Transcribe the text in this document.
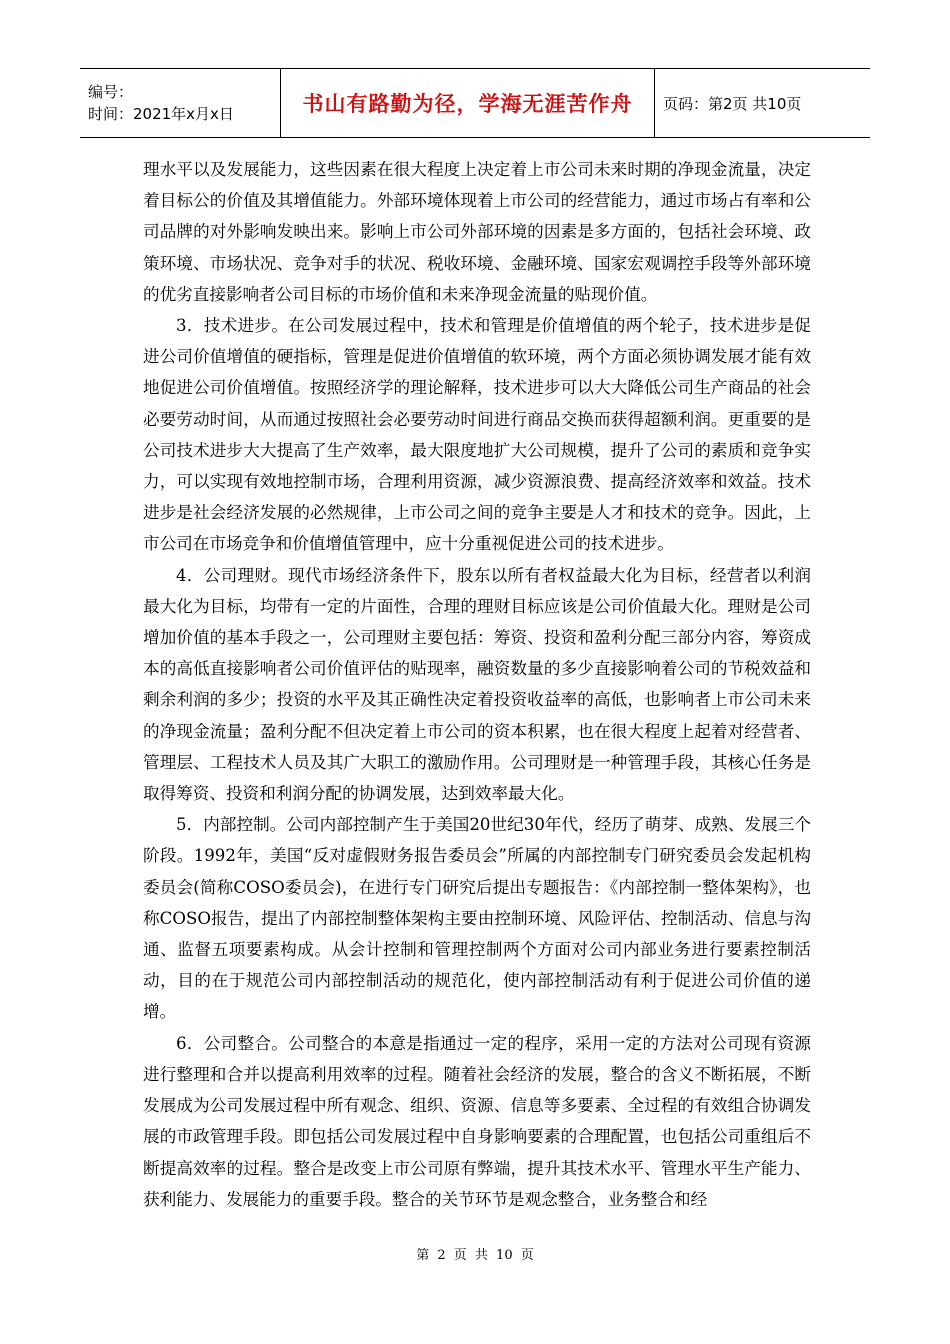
编号：
时间：2021年x月x日	书山有路勤为径，学海无涯苦作舟 页码：第2页 共10页

理水平以及发展能力，这些因素在很大程度上决定着上市公司未来时期的净现金流量，决定着目标公的价值及其增值能力。外部环境体现着上市公司的经营能力，通过市场占有率和公司品牌的对外影响发映出来。影响上市公司外部环境的因素是多方面的，包括社会环境、政策环境、市场状况、竞争对手的状况、税收环境、金融环境、国家宏观调控手段等外部环境的优劣直接影响者公司目标的市场价值和未来净现金流量的贴现价值。

3．技术进步。在公司发展过程中，技术和管理是价值增值的两个轮子，技术进步是促进公司价值增值的硬指标，管理是促进价值增值的软环境，两个方面必须协调发展才能有效地促进公司价值增值。按照经济学的理论解释，技术进步可以大大降低公司生产商品的社会必要劳动时间，从而通过按照社会必要劳动时间进行商品交换而获得超额利润。更重要的是公司技术进步大大提高了生产效率，最大限度地扩大公司规模，提升了公司的素质和竞争实力，可以实现有效地控制市场，合理利用资源，减少资源浪费、提高经济效率和效益。技术进步是社会经济发展的必然规律，上市公司之间的竞争主要是人才和技术的竞争。因此，上市公司在市场竞争和价值增值管理中，应十分重视促进公司的技术进步。

4．公司理财。现代市场经济条件下，股东以所有者权益最大化为目标，经营者以利润最大化为目标，均带有一定的片面性，合理的理财目标应该是公司价值最大化。理财是公司增加价值的基本手段之一，公司理财主要包括：筹资、投资和盈利分配三部分内容，筹资成本的高低直接影响者公司价值评估的贴现率，融资数量的多少直接影响着公司的节税效益和剩余利润的多少；投资的水平及其正确性决定着投资收益率的高低，也影响者上市公司未来的净现金流量；盈利分配不但决定着上市公司的资本积累，也在很大程度上起着对经营者、管理层、工程技术人员及其广大职工的激励作用。公司理财是一种管理手段，其核心任务是取得筹资、投资和利润分配的协调发展，达到效率最大化。

5．内部控制。公司内部控制产生于美国20世纪30年代，经历了萌芽、成熟、发展三个阶段。1992年，美国“反对虚假财务报告委员会”所属的内部控制专门研究委员会发起机构委员会(简称COSO委员会)，在进行专门研究后提出专题报告：《内部控制一整体架构》，也称COSO报告，提出了内部控制整体架构主要由控制环境、风险评估、控制活动、信息与沟通、监督五项要素构成。从会计控制和管理控制两个方面对公司内部业务进行要素控制活动，目的在于规范公司内部控制活动的规范化，使内部控制活动有利于促进公司价值的递增。

6．公司整合。公司整合的本意是指通过一定的程序，采用一定的方法对公司现有资源进行整理和合并以提高利用效率的过程。随着社会经济的发展，整合的含义不断拓展，不断发展成为公司发展过程中所有观念、组织、资源、信息等多要素、全过程的有效组合协调发展的市政管理手段。即包括公司发展过程中自身影响要素的合理配置，也包括公司重组后不断提高效率的过程。整合是改变上市公司原有弊端，提升其技术水平、管理水平生产能力、获利能力、发展能力的重要手段。整合的关节环节是观念整合，业务整合和经

第 2 页 共 10 页
